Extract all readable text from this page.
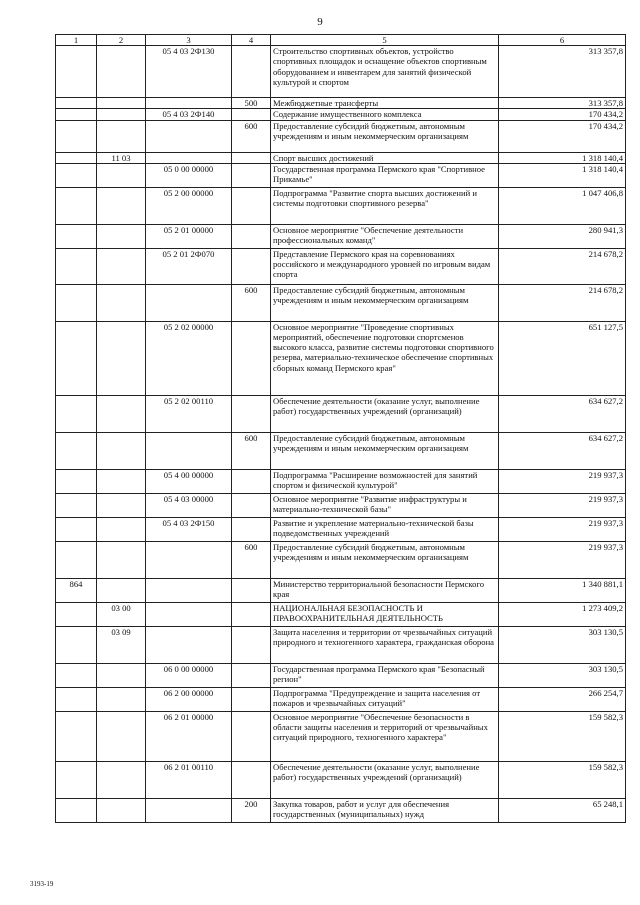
9
1	2	3	4	5	6
		05 4 03 2Ф130		Строительство спортивных объектов, устройство спортивных площадок и оснащение объектов спортивным оборудованием и инвентарем для занятий физической культурой и спортом	313 357,8
			500	Межбюджетные трансферты	313 357,8
		05 4 03 2Ф140		Содержание имущественного комплекса	170 434,2
			600	Предоставление субсидий бюджетным, автономным учреждениям и иным некоммерческим организациям	170 434,2
	11 03			Спорт высших достижений	1 318 140,4
		05 0 00 00000		Государственная программа Пермского края "Спортивное Прикамье"	1 318 140,4
		05 2 00 00000		Подпрограмма "Развитие спорта высших достижений и системы подготовки спортивного резерва"	1 047 406,8
		05 2 01 00000		Основное мероприятие "Обеспечение деятельности профессиональных команд"	280 941,3
		05 2 01 2Ф070		Представление Пермского края на соревнованиях российского и международного уровней по игровым видам спорта	214 678,2
			600	Предоставление субсидий бюджетным, автономным учреждениям и иным некоммерческим организациям	214 678,2
		05 2 02 00000		Основное мероприятие "Проведение спортивных мероприятий, обеспечение подготовки спортсменов высокого класса, развитие системы подготовки спортивного резерва, материально-техническое обеспечение спортивных сборных команд Пермского края"	651 127,5
		05 2 02 00110		Обеспечение деятельности (оказание услуг, выполнение работ) государственных учреждений (организаций)	634 627,2
			600	Предоставление субсидий бюджетным, автономным учреждениям и иным некоммерческим организациям	634 627,2
		05 4 00 00000		Подпрограмма "Расширение возможностей для занятий спортом и физической культурой"	219 937,3
		05 4 03 00000		Основное мероприятие "Развитие инфраструктуры и материально-технической базы"	219 937,3
		05 4 03 2Ф150		Развитие и укрепление материально-технической базы подведомственных учреждений	219 937,3
			600	Предоставление субсидий бюджетным, автономным учреждениям и иным некоммерческим организациям	219 937,3
864				Министерство территориальной безопасности Пермского края	1 340 881,1
	03 00			НАЦИОНАЛЬНАЯ БЕЗОПАСНОСТЬ И ПРАВООХРАНИТЕЛЬНАЯ ДЕЯТЕЛЬНОСТЬ	1 273 409,2
	03 09			Защита населения и территории от чрезвычайных ситуаций природного и техногенного характера, гражданская оборона	303 130,5
		06 0 00 00000		Государственная программа Пермского края "Безопасный регион"	303 130,5
		06 2 00 00000		Подпрограмма "Предупреждение и защита населения от пожаров и чрезвычайных ситуаций"	266 254,7
		06 2 01 00000		Основное мероприятие "Обеспечение безопасности в области защиты населения и территорий от чрезвычайных ситуаций природного, техногенного характера"	159 582,3
		06 2 01 00110		Обеспечение деятельности (оказание услуг, выполнение работ) государственных учреждений (организаций)	159 582,3
			200	Закупка товаров, работ и услуг для обеспечения государственных (муниципальных) нужд	65 248,1
3193-19
